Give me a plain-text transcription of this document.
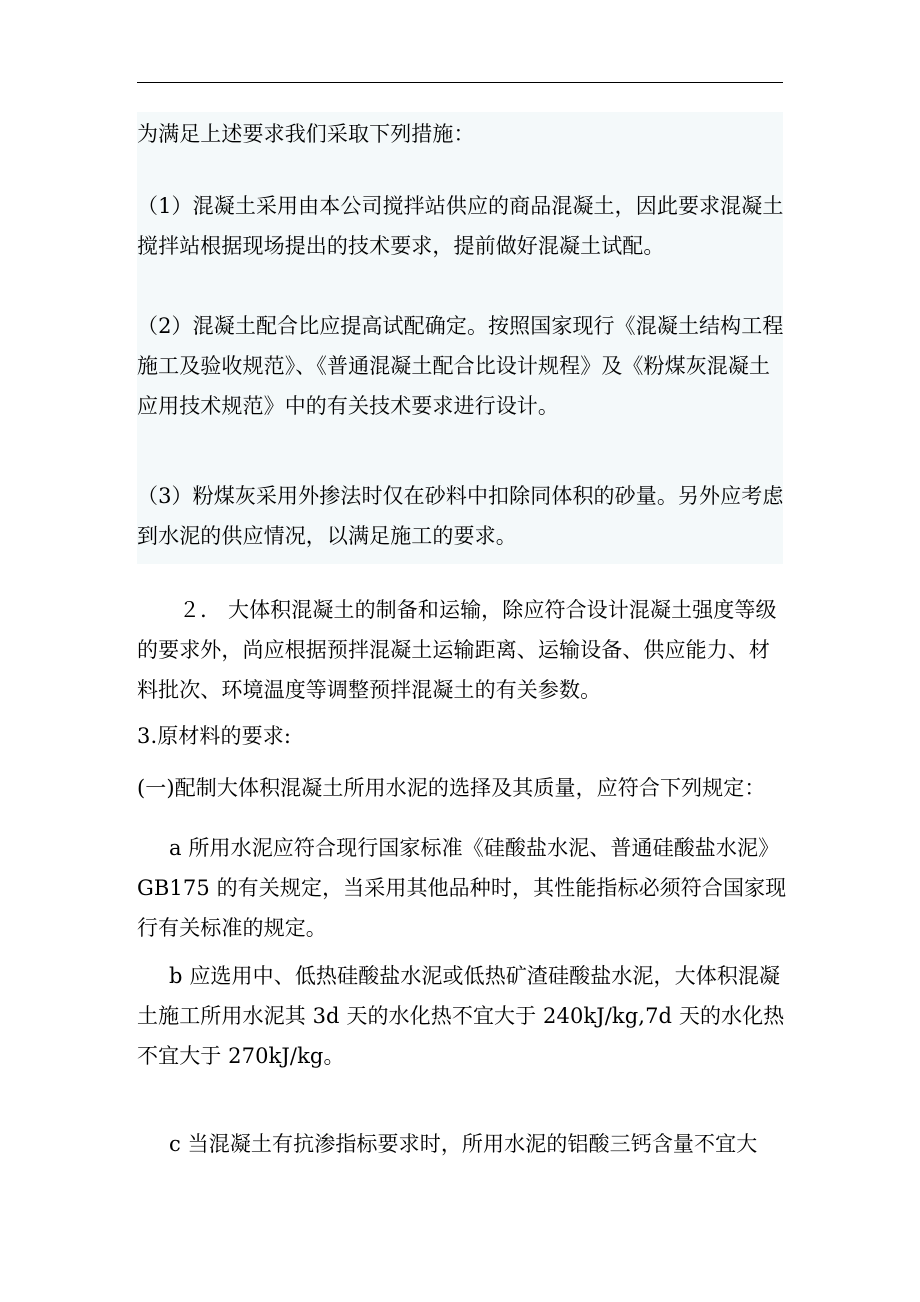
为满足上述要求我们采取下列措施：
（1）混凝土采用由本公司搅拌站供应的商品混凝土，因此要求混凝土搅拌站根据现场提出的技术要求，提前做好混凝土试配。
（2）混凝土配合比应提高试配确定。按照国家现行《混凝土结构工程施工及验收规范》、《普通混凝土配合比设计规程》及《粉煤灰混凝土应用技术规范》中的有关技术要求进行设计。
（3）粉煤灰采用外掺法时仅在砂料中扣除同体积的砂量。另外应考虑到水泥的供应情况，以满足施工的要求。
２． 大体积混凝土的制备和运输，除应符合设计混凝土强度等级的要求外，尚应根据预拌混凝土运输距离、运输设备、供应能力、材料批次、环境温度等调整预拌混凝土的有关参数。
3.原材料的要求:
(一)配制大体积混凝土所用水泥的选择及其质量，应符合下列规定：
a 所用水泥应符合现行国家标准《硅酸盐水泥、普通硅酸盐水泥》GB175 的有关规定，当采用其他品种时，其性能指标必须符合国家现行有关标准的规定。
b 应选用中、低热硅酸盐水泥或低热矿渣硅酸盐水泥，大体积混凝土施工所用水泥其 3d 天的水化热不宜大于 240kJ/kg,7d 天的水化热不宜大于 270kJ/kg。
c 当混凝土有抗渗指标要求时，所用水泥的铝酸三钙含量不宜大
